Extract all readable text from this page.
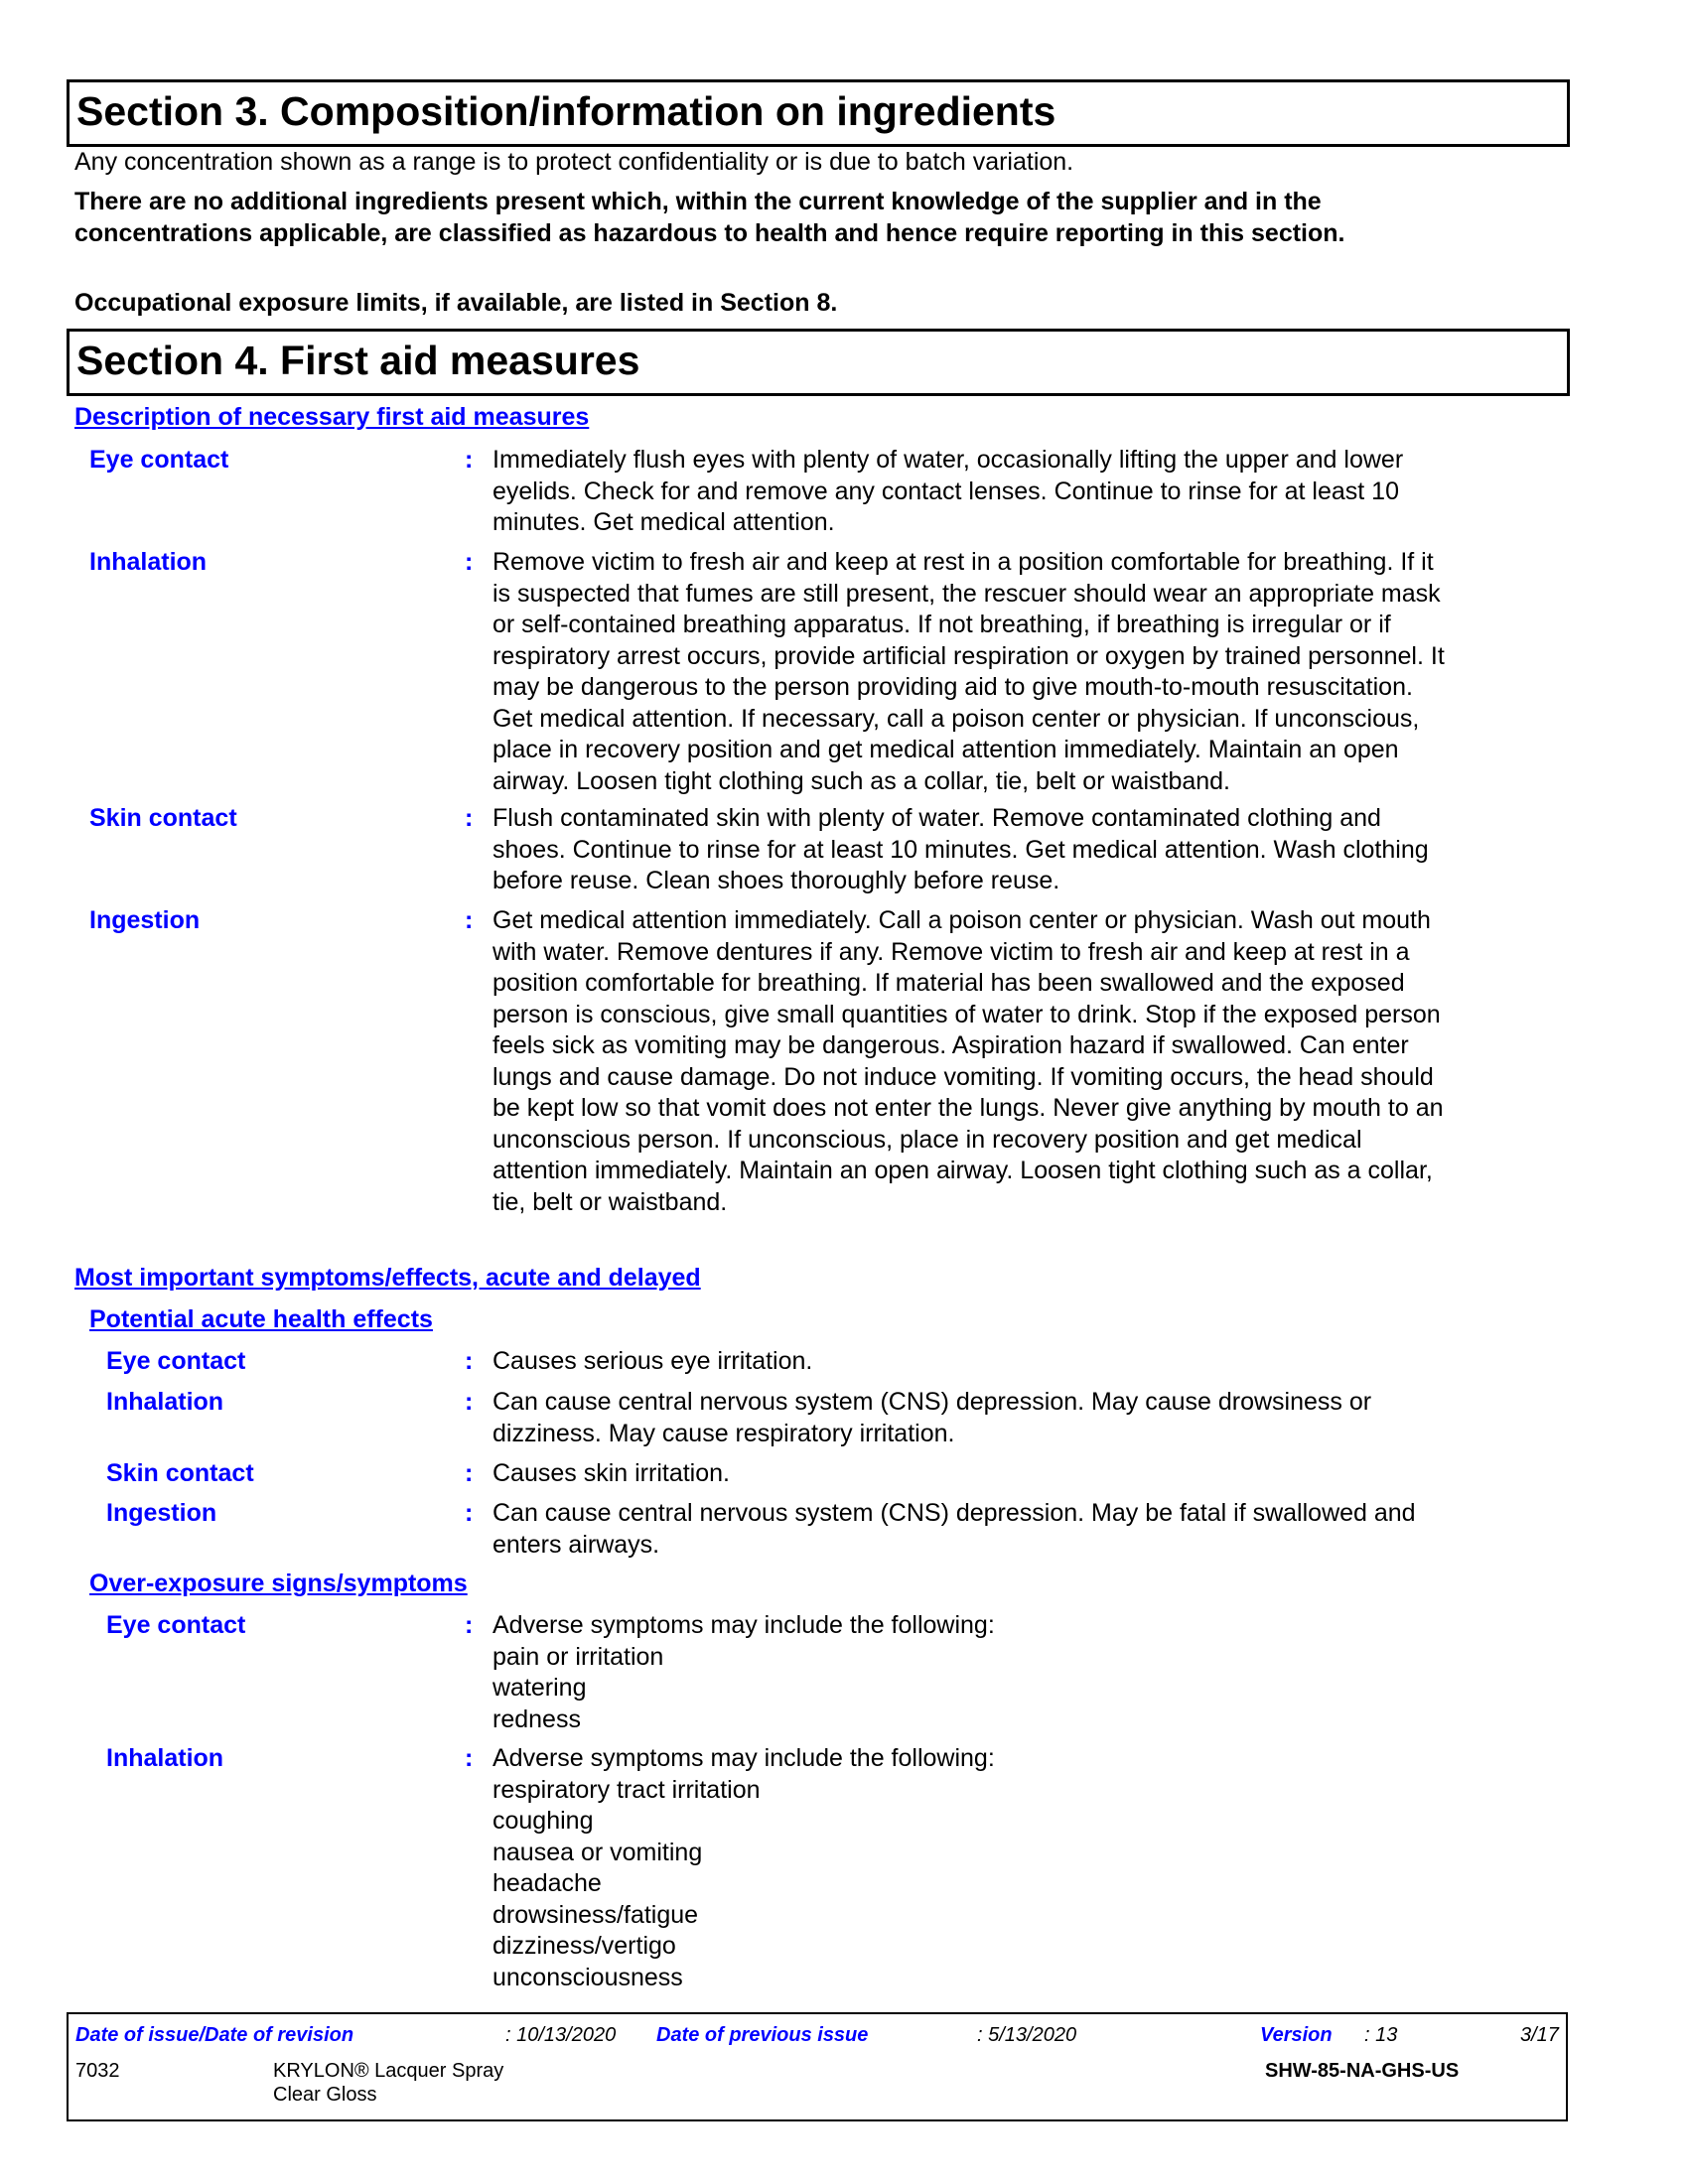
Section 3. Composition/information on ingredients
Any concentration shown as a range is to protect confidentiality or is due to batch variation.
There are no additional ingredients present which, within the current knowledge of the supplier and in the
concentrations applicable, are classified as hazardous to health and hence require reporting in this section.
Occupational exposure limits, if available, are listed in Section 8.
Section 4. First aid measures
Description of necessary first aid measures
Eye contact	: Immediately flush eyes with plenty of water, occasionally lifting the upper and lower
eyelids. Check for and remove any contact lenses. Continue to rinse for at least 10
minutes. Get medical attention.
Inhalation	: Remove victim to fresh air and keep at rest in a position comfortable for breathing. If it
is suspected that fumes are still present, the rescuer should wear an appropriate mask
or self-contained breathing apparatus. If not breathing, if breathing is irregular or if
respiratory arrest occurs, provide artificial respiration or oxygen by trained personnel. It
may be dangerous to the person providing aid to give mouth-to-mouth resuscitation.
Get medical attention. If necessary, call a poison center or physician. If unconscious,
place in recovery position and get medical attention immediately. Maintain an open
airway. Loosen tight clothing such as a collar, tie, belt or waistband.
Skin contact	: Flush contaminated skin with plenty of water. Remove contaminated clothing and
shoes. Continue to rinse for at least 10 minutes. Get medical attention. Wash clothing
before reuse. Clean shoes thoroughly before reuse.
Ingestion	: Get medical attention immediately. Call a poison center or physician. Wash out mouth
with water. Remove dentures if any. Remove victim to fresh air and keep at rest in a
position comfortable for breathing. If material has been swallowed and the exposed
person is conscious, give small quantities of water to drink. Stop if the exposed person
feels sick as vomiting may be dangerous. Aspiration hazard if swallowed. Can enter
lungs and cause damage. Do not induce vomiting. If vomiting occurs, the head should
be kept low so that vomit does not enter the lungs. Never give anything by mouth to an
unconscious person. If unconscious, place in recovery position and get medical
attention immediately. Maintain an open airway. Loosen tight clothing such as a collar,
tie, belt or waistband.
Most important symptoms/effects, acute and delayed
Potential acute health effects
Eye contact	: Causes serious eye irritation.
Inhalation	: Can cause central nervous system (CNS) depression. May cause drowsiness or
dizziness. May cause respiratory irritation.
Skin contact	: Causes skin irritation.
Ingestion	: Can cause central nervous system (CNS) depression. May be fatal if swallowed and
enters airways.
Over-exposure signs/symptoms
Eye contact	: Adverse symptoms may include the following:
pain or irritation
watering
redness
Inhalation	: Adverse symptoms may include the following:
respiratory tract irritation
coughing
nausea or vomiting
headache
drowsiness/fatigue
dizziness/vertigo
unconsciousness
Date of issue/Date of revision	: 10/13/2020 Date of previous issue	: 5/13/2020	Version : 13	3/17
7032	KRYLON® Lacquer Spray
Clear Gloss
SHW-85-NA-GHS-US
